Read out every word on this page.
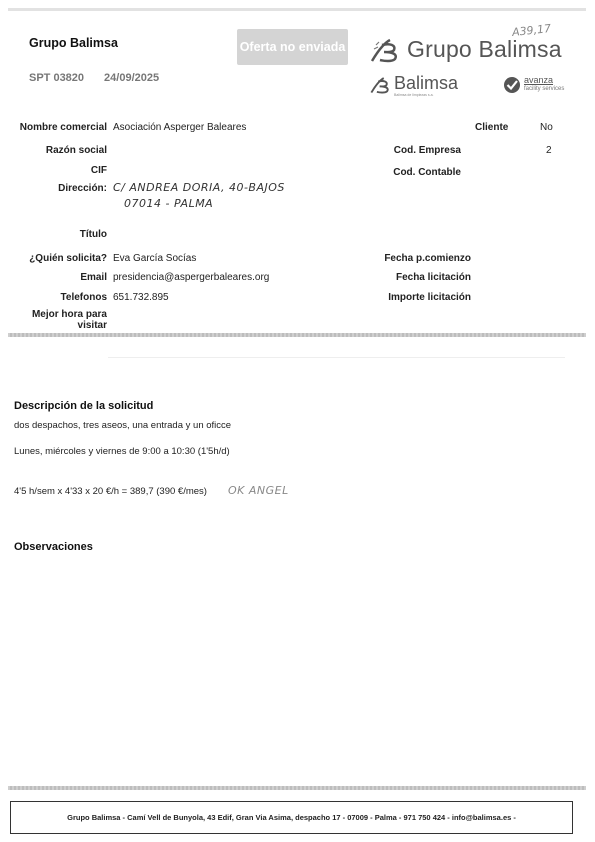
Grupo Balimsa
SPT 03820 24/09/2025
Oferta no enviada
A39,17
Grupo Balimsa
Balimsa
Balimsa de limpiezas s.a.
avanza
facility services
Nombre comercial
Razón social
CIF
Dirección:
Título
¿Quién solicita?
Email
Telefonos
Mejor hora para
visitar
Asociación Asperger Baleares
C/ ANDREA DORIA, 40-BAJOS
07014 - PALMA
Eva García Socías
presidencia@aspergerbaleares.org
651.732.895
Cliente
Cod. Empresa
Cod. Contable
Fecha p.comienzo
Fecha licitación
Importe licitación
No
2
Descripción de la solicitud
dos despachos, tres aseos, una entrada y un oficce
Lunes, miércoles y viernes de 9:00 a 10:30 (1'5h/d)
4'5 h/sem x 4'33 x 20 €/h = 389,7 (390 €/mes) OK ANGEL
Observaciones
Grupo Balimsa - Camí Vell de Bunyola, 43 Edif, Gran Via Asima, despacho 17 - 07009 - Palma - 971 750 424 - info@balimsa.es -
